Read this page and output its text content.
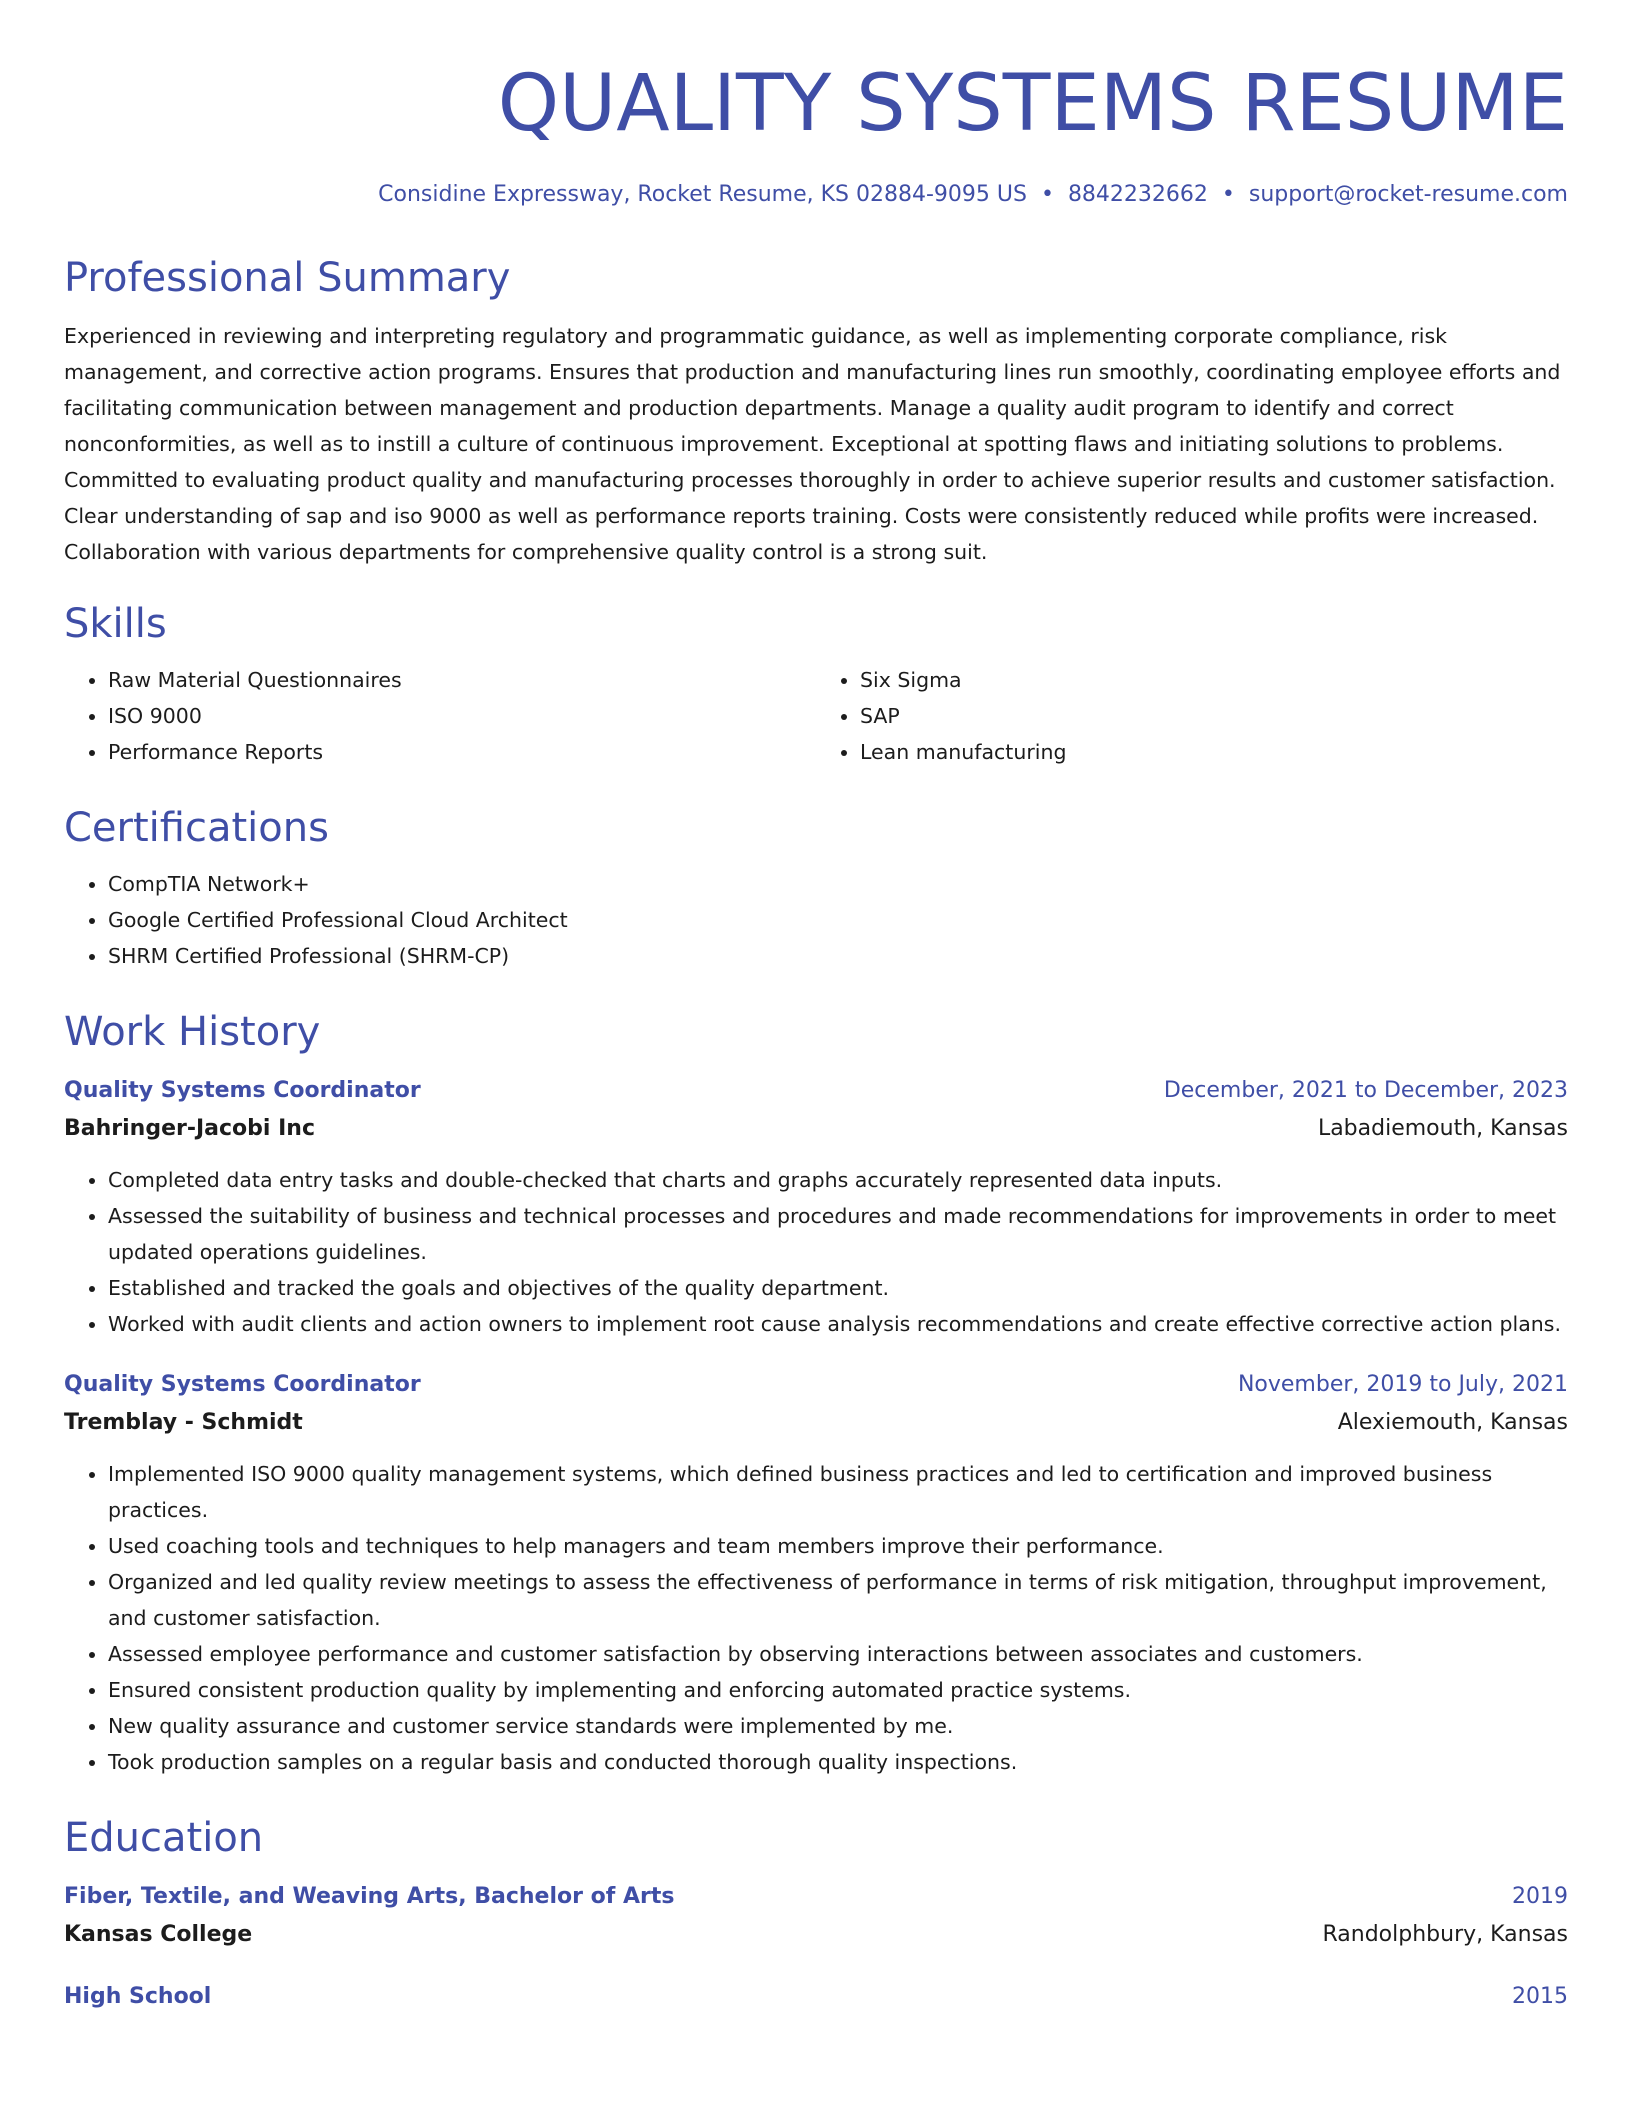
QUALITY SYSTEMS RESUME
Considine Expressway, Rocket Resume, KS 02884-9095 US • 8842232662 • support@rocket-resume.com
Professional Summary
Experienced in reviewing and interpreting regulatory and programmatic guidance, as well as implementing corporate compliance, risk management, and corrective action programs. Ensures that production and manufacturing lines run smoothly, coordinating employee efforts and facilitating communication between management and production departments. Manage a quality audit program to identify and correct nonconformities, as well as to instill a culture of continuous improvement. Exceptional at spotting flaws and initiating solutions to problems. Committed to evaluating product quality and manufacturing processes thoroughly in order to achieve superior results and customer satisfaction. Clear understanding of sap and iso 9000 as well as performance reports training. Costs were consistently reduced while profits were increased. Collaboration with various departments for comprehensive quality control is a strong suit.
Skills
• Raw Material Questionnaires
• ISO 9000
• Performance Reports
• Six Sigma
• SAP
• Lean manufacturing
Certifications
• CompTIA Network+
• Google Certified Professional Cloud Architect
• SHRM Certified Professional (SHRM-CP)
Work History
Quality Systems Coordinator	December, 2021 to December, 2023
Bahringer-Jacobi Inc	Labadiemouth, Kansas
• Completed data entry tasks and double-checked that charts and graphs accurately represented data inputs.
• Assessed the suitability of business and technical processes and procedures and made recommendations for improvements in order to meet updated operations guidelines.
• Established and tracked the goals and objectives of the quality department.
• Worked with audit clients and action owners to implement root cause analysis recommendations and create effective corrective action plans.
Quality Systems Coordinator	November, 2019 to July, 2021
Tremblay - Schmidt	Alexiemouth, Kansas
• Implemented ISO 9000 quality management systems, which defined business practices and led to certification and improved business practices.
• Used coaching tools and techniques to help managers and team members improve their performance.
• Organized and led quality review meetings to assess the effectiveness of performance in terms of risk mitigation, throughput improvement, and customer satisfaction.
• Assessed employee performance and customer satisfaction by observing interactions between associates and customers.
• Ensured consistent production quality by implementing and enforcing automated practice systems.
• New quality assurance and customer service standards were implemented by me.
• Took production samples on a regular basis and conducted thorough quality inspections.
Education
Fiber, Textile, and Weaving Arts, Bachelor of Arts	2019
Kansas College	Randolphbury, Kansas
High School	2015
